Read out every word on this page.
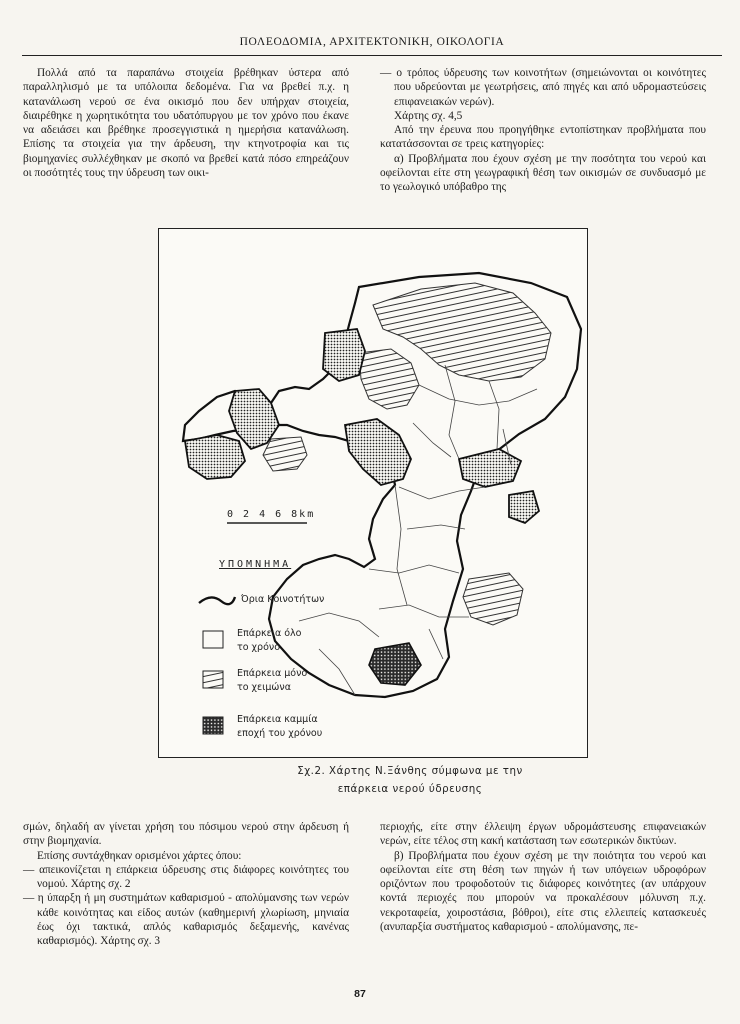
ΠΟΛΕΟΔΟΜΙΑ, ΑΡΧΙΤΕΚΤΟΝΙΚΗ, ΟΙΚΟΛΟΓΙΑ

Πολλά από τα παραπάνω στοιχεία βρέθηκαν ύστερα από παραλληλισμό με τα υπόλοιπα δεδομένα. Για να βρεθεί π.χ. η κατανάλωση νερού σε ένα οικισμό που δεν υπήρχαν στοιχεία, διαιρέθηκε η χωρητικότητα του υδατόπυργου με τον χρόνο που έκανε να αδειάσει και βρέθηκε προσεγγιστικά η ημερήσια κατανάλωση. Επίσης τα στοιχεία για την άρδευση, την κτηνοτροφία και τις βιομηχανίες συλλέχθηκαν με σκοπό να βρεθεί κατά πόσο επηρεάζουν οι ποσότητές τους την ύδρευση των οικι-

— ο τρόπος ύδρευσης των κοινοτήτων (σημειώνονται οι κοινότητες που υδρεύονται με γεωτρήσεις, από πηγές και από υδρομαστεύσεις επιφανειακών νερών).

Χάρτης σχ. 4,5

Από την έρευνα που προηγήθηκε εντοπίστηκαν προβλήματα που κατατάσσονται σε τρεις κατηγορίες:

α) Προβλήματα που έχουν σχέση με την ποσότητα του νερού και οφείλονται είτε στη γεωγραφική θέση των οικισμών σε συνδυασμό με το γεωλογικό υπόβαθρο της

0 2 4 6 8km
ΥΠΟΜΝΗΜΑ
Όρια Κοινοτήτων
Επάρκεια όλο το χρόνο
Επάρκεια μόνο το χειμώνα
Επάρκεια καμμία εποχή του χρόνου
Σχ.2. Χάρτης Ν.Ξάνθης σύμφωνα με την
επάρκεια νερού ύδρευσης

σμών, δηλαδή αν γίνεται χρήση του πόσιμου νερού στην άρδευση ή στην βιομηχανία.

Επίσης συντάχθηκαν ορισμένοι χάρτες όπου:

— απεικονίζεται η επάρκεια ύδρευσης στις διάφορες κοινότητες του νομού. Χάρτης σχ. 2

— η ύπαρξη ή μη συστημάτων καθαρισμού - απολύμανσης των νερών κάθε κοινότητας και είδος αυτών (καθημερινή χλωρίωση, μηνιαία έως όχι τακτικά, απλός καθαρισμός δεξαμενής, κανένας καθαρισμός). Χάρτης σχ. 3

περιοχής, είτε στην έλλειψη έργων υδρομάστευσης επιφανειακών νερών, είτε τέλος στη κακή κατάσταση των εσωτερικών δικτύων.

β) Προβλήματα που έχουν σχέση με την ποιότητα του νερού και οφείλονται είτε στη θέση των πηγών ή των υπόγειων υδροφόρων οριζόντων που τροφοδοτούν τις διάφορες κοινότητες (αν υπάρχουν κοντά περιοχές που μπορούν να προκαλέσουν μόλυνση π.χ. νεκροταφεία, χοιροστάσια, βόθροι), είτε στις ελλειπείς κατασκευές (ανυπαρξία συστήματος καθαρισμού - απολύμανσης, πε-

87
